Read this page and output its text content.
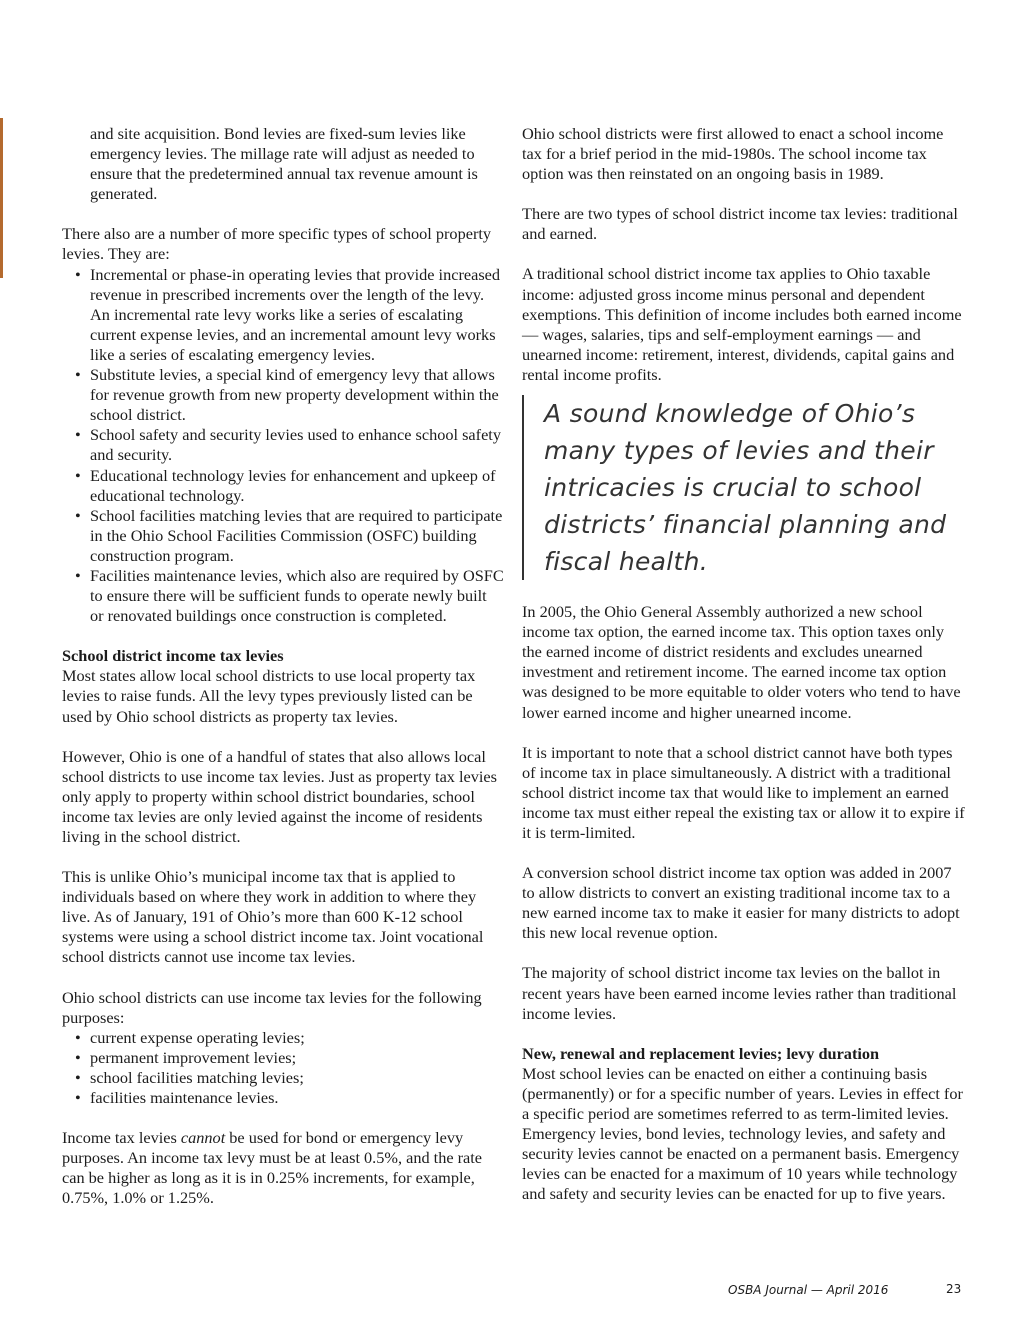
and site acquisition. Bond levies are fixed-sum levies like emergency levies. The millage rate will adjust as needed to ensure that the predetermined annual tax revenue amount is generated.

There also are a number of more specific types of school property levies. They are:

• Incremental or phase-in operating levies that provide increased revenue in prescribed increments over the length of the levy. An incremental rate levy works like a series of escalating current expense levies, and an incremental amount levy works like a series of escalating emergency levies.
• Substitute levies, a special kind of emergency levy that allows for revenue growth from new property development within the school district.
• School safety and security levies used to enhance school safety and security.
• Educational technology levies for enhancement and upkeep of educational technology.
• School facilities matching levies that are required to participate in the Ohio School Facilities Commission (OSFC) building construction program.
• Facilities maintenance levies, which also are required by OSFC to ensure there will be sufficient funds to operate newly built or renovated buildings once construction is completed.

School district income tax levies

Most states allow local school districts to use local property tax levies to raise funds. All the levy types previously listed can be used by Ohio school districts as property tax levies.

However, Ohio is one of a handful of states that also allows local school districts to use income tax levies. Just as property tax levies only apply to property within school district boundaries, school income tax levies are only levied against the income of residents living in the school district.

This is unlike Ohio’s municipal income tax that is applied to individuals based on where they work in addition to where they live. As of January, 191 of Ohio’s more than 600 K-12 school systems were using a school district income tax. Joint vocational school districts cannot use income tax levies.

Ohio school districts can use income tax levies for the following purposes:

• current expense operating levies;
• permanent improvement levies;
• school facilities matching levies;
• facilities maintenance levies.

Income tax levies cannot be used for bond or emergency levy purposes. An income tax levy must be at least 0.5%, and the rate can be higher as long as it is in 0.25% increments, for example, 0.75%, 1.0% or 1.25%.

Ohio school districts were first allowed to enact a school income tax for a brief period in the mid-1980s. The school income tax option was then reinstated on an ongoing basis in 1989.

There are two types of school district income tax levies: traditional and earned.

A traditional school district income tax applies to Ohio taxable income: adjusted gross income minus personal and dependent exemptions. This definition of income includes both earned income — wages, salaries, tips and self-employment earnings — and unearned income: retirement, interest, dividends, capital gains and rental income profits.

A sound knowledge of Ohio’s many types of levies and their intricacies is crucial to school districts’ financial planning and fiscal health.

In 2005, the Ohio General Assembly authorized a new school income tax option, the earned income tax. This option taxes only the earned income of district residents and excludes unearned investment and retirement income. The earned income tax option was designed to be more equitable to older voters who tend to have lower earned income and higher unearned income.

It is important to note that a school district cannot have both types of income tax in place simultaneously. A district with a traditional school district income tax that would like to implement an earned income tax must either repeal the existing tax or allow it to expire if it is term-limited.

A conversion school district income tax option was added in 2007 to allow districts to convert an existing traditional income tax to a new earned income tax to make it easier for many districts to adopt this new local revenue option.

The majority of school district income tax levies on the ballot in recent years have been earned income levies rather than traditional income levies.

New, renewal and replacement levies; levy duration

Most school levies can be enacted on either a continuing basis (permanently) or for a specific number of years. Levies in effect for a specific period are sometimes referred to as term-limited levies. Emergency levies, bond levies, technology levies, and safety and security levies cannot be enacted on a permanent basis. Emergency levies can be enacted for a maximum of 10 years while technology and safety and security levies can be enacted for up to five years.

OSBA Journal — April 2016	23
